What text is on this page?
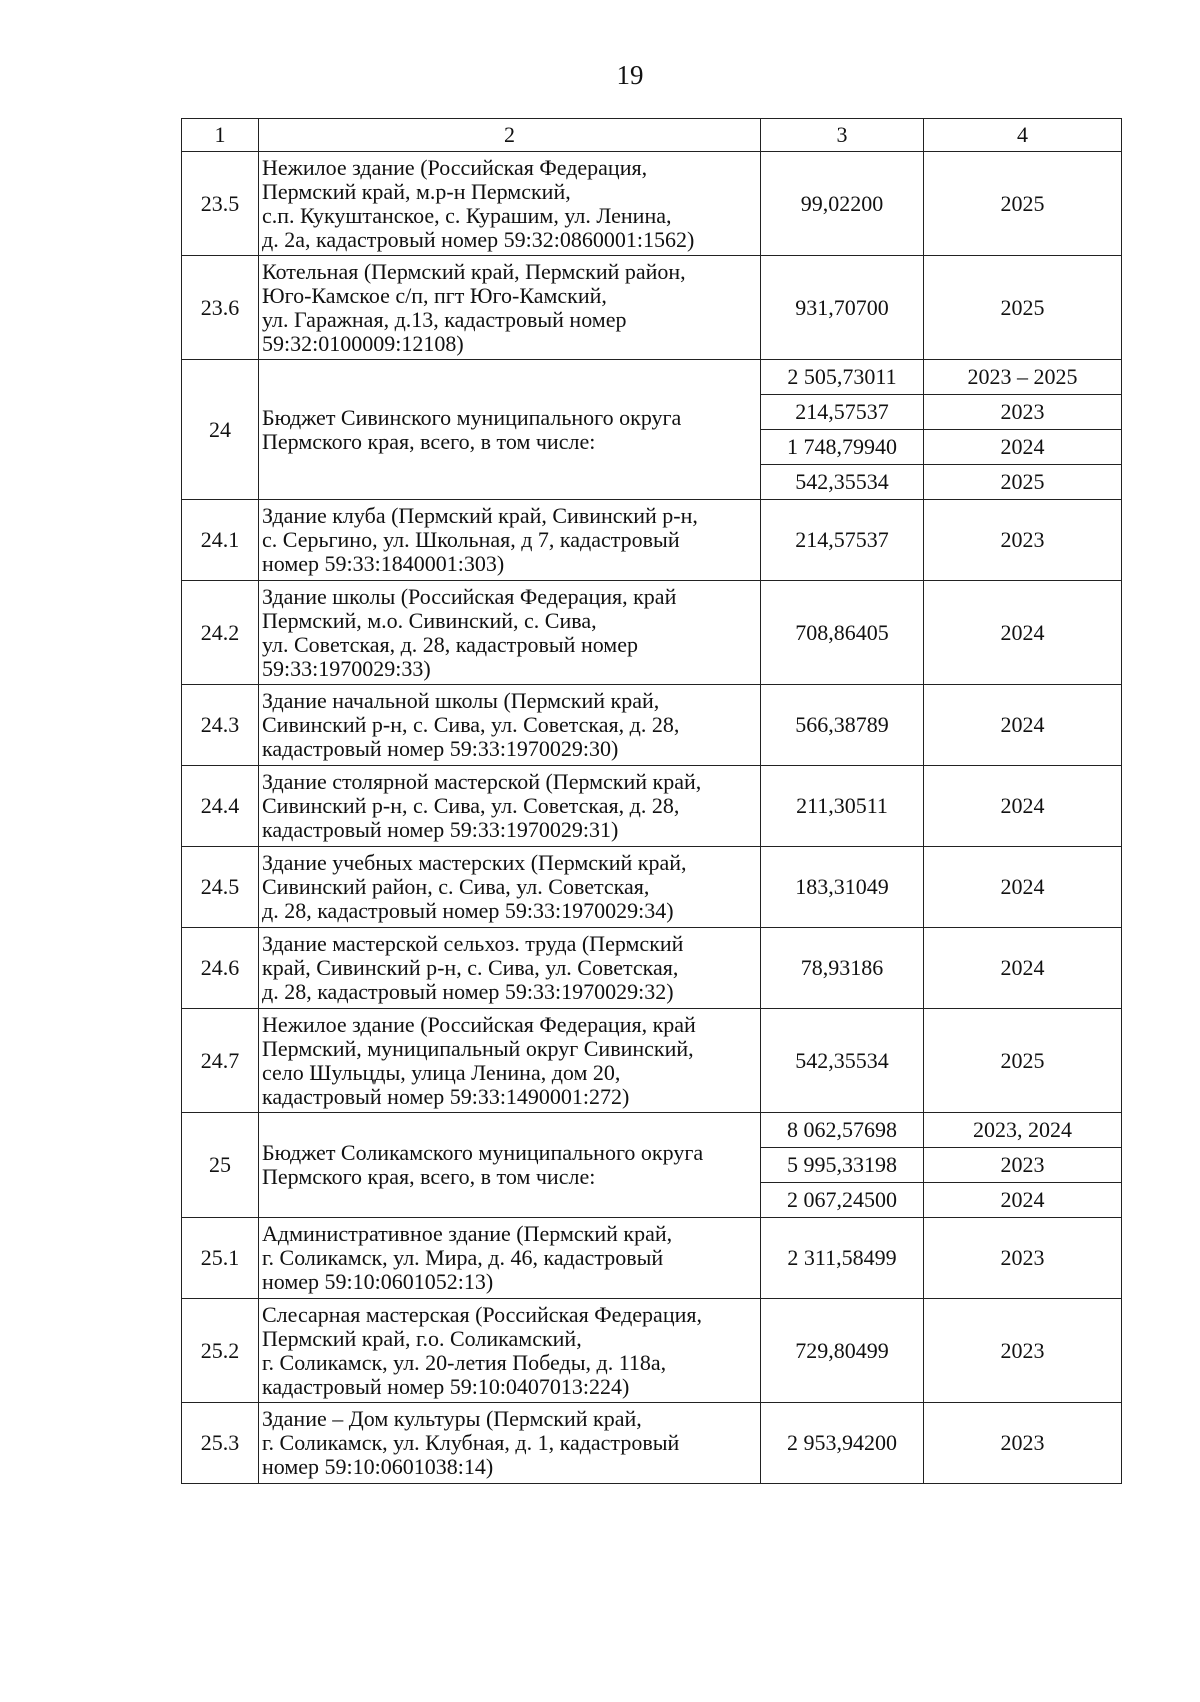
19
1	2	3	4
23.5	Нежилое здание (Российская Федерация,
Пермский край, м.р-н Пермский,
с.п. Кукуштанское, с. Курашим, ул. Ленина,
д. 2а, кадастровый номер 59:32:0860001:1562)	99,02200	2025
23.6	Котельная (Пермский край, Пермский район,
Юго-Камское с/п, пгт Юго-Камский,
ул. Гаражная, д.13, кадастровый номер
59:32:0100009:12108)	931,70700	2025
24	Бюджет Сивинского муниципального округа
Пермского края, всего, в том числе:	2 505,73011	2023 – 2025
		214,57537	2023
		1 748,79940	2024
		542,35534	2025
24.1	Здание клуба (Пермский край, Сивинский р-н,
с. Серьгино, ул. Школьная, д 7, кадастровый
номер 59:33:1840001:303)	214,57537	2023
24.2	Здание школы (Российская Федерация, край
Пермский, м.о. Сивинский, с. Сива,
ул. Советская, д. 28, кадастровый номер
59:33:1970029:33)	708,86405	2024
24.3	Здание начальной школы (Пермский край,
Сивинский р-н, с. Сива, ул. Советская, д. 28,
кадастровый номер 59:33:1970029:30)	566,38789	2024
24.4	Здание столярной мастерской (Пермский край,
Сивинский р-н, с. Сива, ул. Советская, д. 28,
кадастровый номер 59:33:1970029:31)	211,30511	2024
24.5	Здание учебных мастерских (Пермский край,
Сивинский район, с. Сива, ул. Советская,
д. 28, кадастровый номер 59:33:1970029:34)	183,31049	2024
24.6	Здание мастерской сельхоз. труда (Пермский
край, Сивинский р-н, с. Сива, ул. Советская,
д. 28, кадастровый номер 59:33:1970029:32)	78,93186	2024
24.7	Нежилое здание (Российская Федерация, край
Пермский, муниципальный округ Сивинский,
село Шульцды, улица Ленина, дом 20,
кадастровый номер 59:33:1490001:272)	542,35534	2025
25	Бюджет Соликамского муниципального округа
Пермского края, всего, в том числе:	8 062,57698	2023, 2024
		5 995,33198	2023
		2 067,24500	2024
25.1	Административное здание (Пермский край,
г. Соликамск, ул. Мира, д. 46, кадастровый
номер 59:10:0601052:13)	2 311,58499	2023
25.2	Слесарная мастерская (Российская Федерация,
Пермский край, г.о. Соликамский,
г. Соликамск, ул. 20-летия Победы, д. 118а,
кадастровый номер 59:10:0407013:224)	729,80499	2023
25.3	Здание – Дом культуры (Пермский край,
г. Соликамск, ул. Клубная, д. 1, кадастровый
номер 59:10:0601038:14)	2 953,94200	2023
